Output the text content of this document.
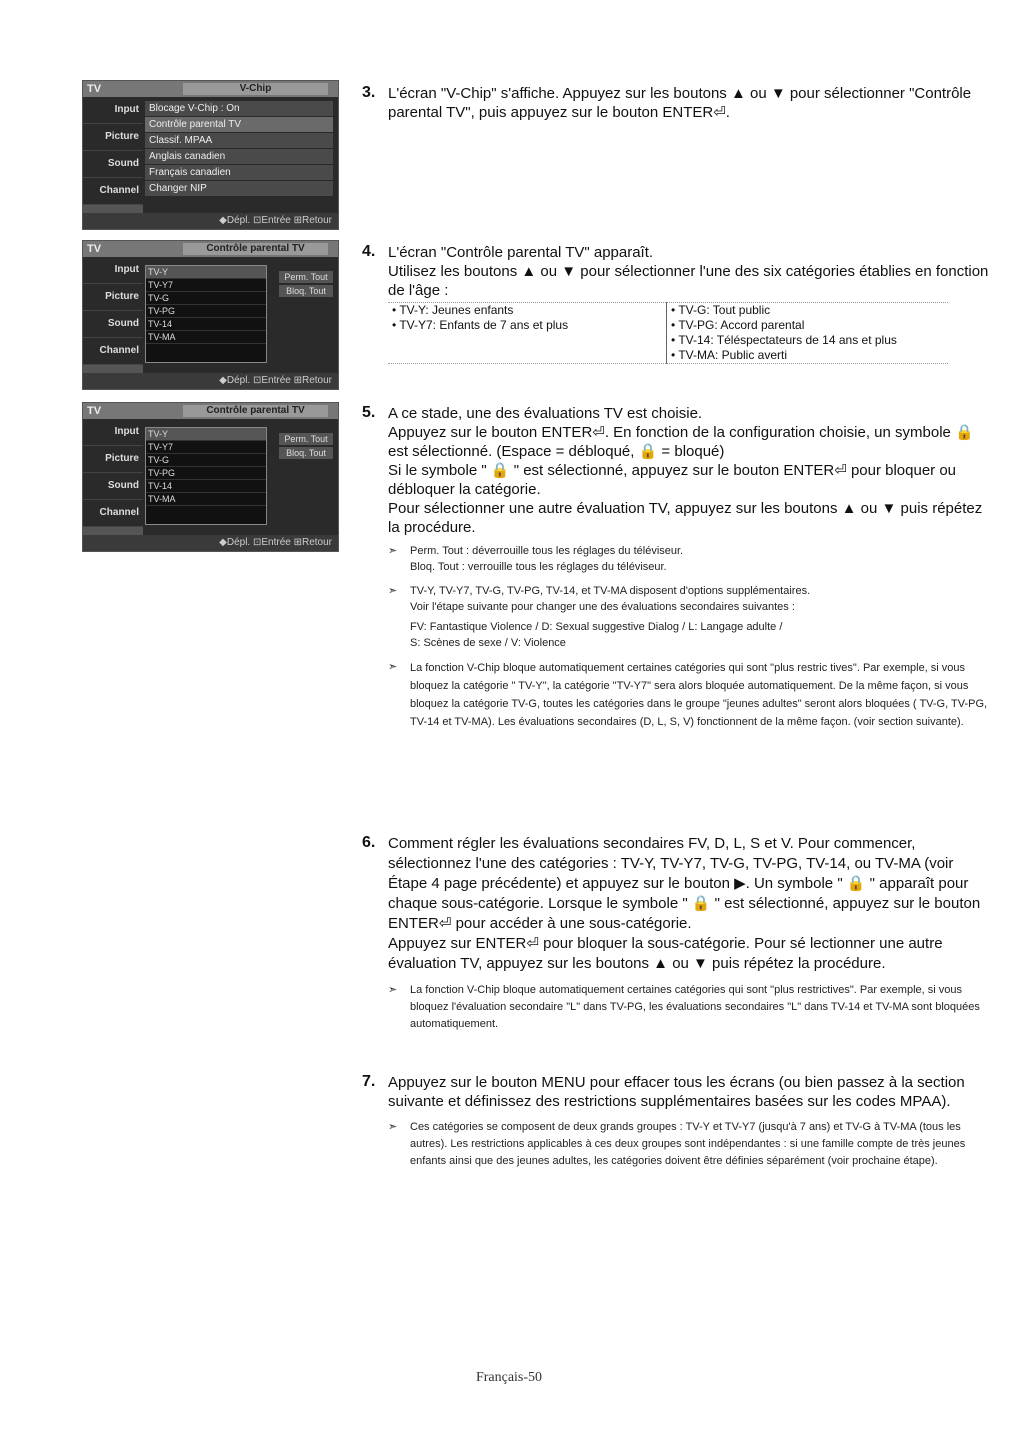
TV	V-Chip
Input
Picture
Sound
Channel
Blocage V-Chip : On
Contrôle parental TV
Classif. MPAA
Anglais canadien
Français canadien
Changer NIP
◆Dépl. ⊡Entrée ⊞Retour
TV	Contrôle parental TV
Input
Picture
Sound
Channel
TV-Y
TV-Y7
TV-G
TV-PG
TV-14
TV-MA
Perm. Tout
Bloq. Tout
◆Dépl. ⊡Entrée ⊞Retour
TV	Contrôle parental TV
Input
Picture
Sound
Channel
TV-Y
TV-Y7
TV-G
TV-PG
TV-14
TV-MA
Perm. Tout
Bloq. Tout
◆Dépl. ⊡Entrée ⊞Retour
3. L'écran "V-Chip" s'affiche. Appuyez sur les boutons ▲ ou ▼ pour sélectionner "Contrôle parental TV", puis appuyez sur le bouton ENTER⏎.
4. L'écran "Contrôle parental TV" apparaît.
Utilisez les boutons ▲ ou ▼ pour sélectionner l'une des six catégories établies en fonction de l'âge :
• TV-Y: Jeunes enfants	• TV-G: Tout public
• TV-Y7: Enfants de 7 ans et plus	• TV-PG: Accord parental
	• TV-14: Téléspectateurs de 14 ans et plus
	• TV-MA: Public averti
5. A ce stade, une des évaluations TV est choisie.
Appuyez sur le bouton ENTER⏎. En fonction de la configuration choisie, un symbole 🔒 est sélectionné. (Espace = débloqué, 🔒 = bloqué)
Si le symbole " 🔒 " est sélectionné, appuyez sur le bouton ENTER⏎ pour bloquer ou débloquer la catégorie.
Pour sélectionner une autre évaluation TV, appuyez sur les boutons ▲ ou ▼ puis répétez la procédure.
➣ Perm. Tout : déverrouille tous les réglages du téléviseur.
Bloq. Tout : verrouille tous les réglages du téléviseur.
➣ TV-Y, TV-Y7, TV-G, TV-PG, TV-14, et TV-MA disposent d'options supplémentaires.
Voir l'étape suivante pour changer une des évaluations secondaires suivantes :
FV: Fantastique Violence / D: Sexual suggestive Dialog / L: Langage adulte /
S: Scènes de sexe / V: Violence
➣	La fonction V-Chip bloque automatiquement certaines catégories qui sont "plus restric tives". Par exemple, si vous bloquez la catégorie " TV-Y", la catégorie "TV-Y7" sera alors bloquée automatiquement. De la même façon, si vous bloquez la catégorie TV-G, toutes les catégories dans le groupe "jeunes adultes" seront alors bloquées ( TV-G, TV-PG, TV-14 et TV-MA). Les évaluations secondaires (D, L, S, V) fonctionnent de la même façon. (voir section suivante).
6. Comment régler les évaluations secondaires FV, D, L, S et V. Pour commencer, sélectionnez l'une des catégories : TV-Y, TV-Y7, TV-G, TV-PG, TV-14, ou TV-MA (voir Étape 4 page précédente) et appuyez sur le bouton ▶. Un symbole " 🔒 " apparaît pour chaque sous-catégorie. Lorsque le symbole " 🔒 " est sélectionné, appuyez sur le bouton ENTER⏎ pour accéder à une sous-catégorie.
Appuyez sur ENTER⏎ pour bloquer la sous-catégorie. Pour sé lectionner une autre évaluation TV, appuyez sur les boutons ▲ ou ▼ puis répétez la procédure.
➣	La fonction V-Chip bloque automatiquement certaines catégories qui sont "plus restrictives". Par exemple, si vous bloquez l'évaluation secondaire "L" dans TV-PG, les évaluations secondaires "L" dans TV-14 et TV-MA sont bloquées automatiquement.
7. Appuyez sur le bouton MENU pour effacer tous les écrans (ou bien passez à la section suivante et définissez des restrictions supplémentaires basées sur les codes MPAA).
➣	Ces catégories se composent de deux grands groupes : TV-Y et TV-Y7 (jusqu'à 7 ans) et TV-G à TV-MA (tous les autres). Les restrictions applicables à ces deux groupes sont indépendantes : si une famille compte de très jeunes enfants ainsi que des jeunes adultes, les catégories doivent être définies séparément (voir prochaine étape).
Français-50
